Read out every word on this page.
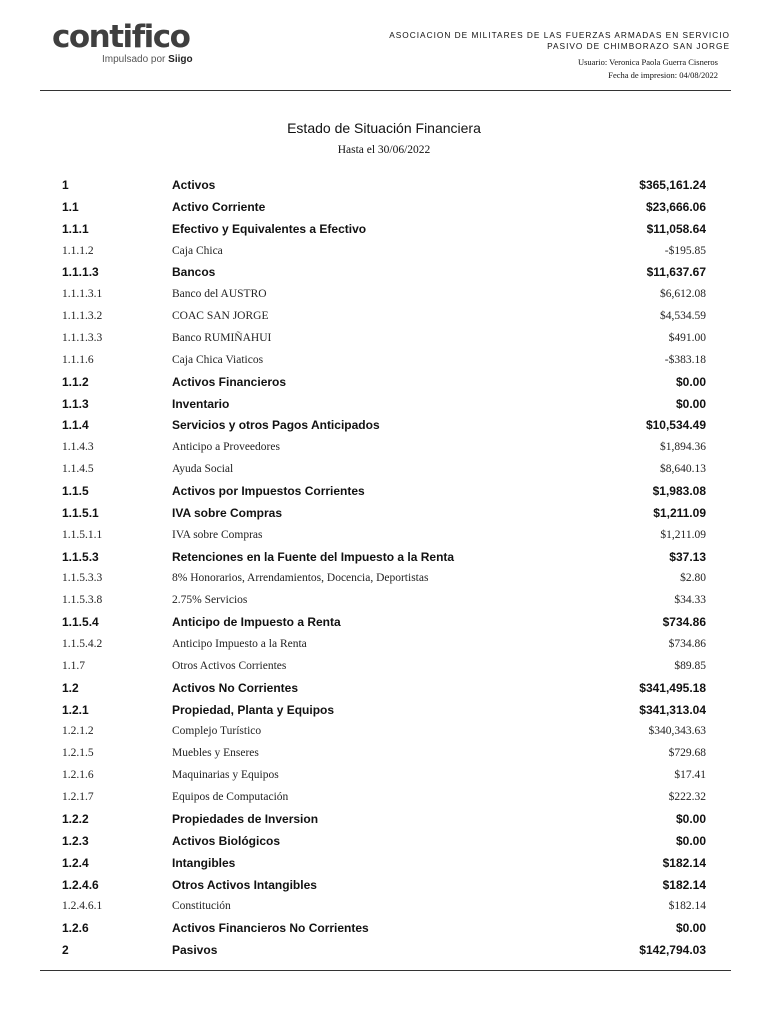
contifico
Impulsado por Siigo
ASOCIACION DE MILITARES DE LAS FUERZAS ARMADAS EN SERVICIO
PASIVO DE CHIMBORAZO SAN JORGE
Usuario: Veronica Paola Guerra Cisneros
Fecha de impresion: 04/08/2022
Estado de Situación Financiera
Hasta el 30/06/2022
1	Activos	$365,161.24
1.1	Activo Corriente	$23,666.06
1.1.1	Efectivo y Equivalentes a Efectivo	$11,058.64
1.1.1.2	Caja Chica	-$195.85
1.1.1.3	Bancos	$11,637.67
1.1.1.3.1	Banco del AUSTRO	$6,612.08
1.1.1.3.2	COAC SAN JORGE	$4,534.59
1.1.1.3.3	Banco RUMIÑAHUI	$491.00
1.1.1.6	Caja Chica Viaticos	-$383.18
1.1.2	Activos Financieros	$0.00
1.1.3	Inventario	$0.00
1.1.4	Servicios y otros Pagos Anticipados	$10,534.49
1.1.4.3	Anticipo a Proveedores	$1,894.36
1.1.4.5	Ayuda Social	$8,640.13
1.1.5	Activos por Impuestos Corrientes	$1,983.08
1.1.5.1	IVA sobre Compras	$1,211.09
1.1.5.1.1	IVA sobre Compras	$1,211.09
1.1.5.3	Retenciones en la Fuente del Impuesto a la Renta	$37.13
1.1.5.3.3	8% Honorarios, Arrendamientos, Docencia, Deportistas	$2.80
1.1.5.3.8	2.75% Servicios	$34.33
1.1.5.4	Anticipo de Impuesto a Renta	$734.86
1.1.5.4.2	Anticipo Impuesto a la Renta	$734.86
1.1.7	Otros Activos Corrientes	$89.85
1.2	Activos No Corrientes	$341,495.18
1.2.1	Propiedad, Planta y Equipos	$341,313.04
1.2.1.2	Complejo Turístico	$340,343.63
1.2.1.5	Muebles y Enseres	$729.68
1.2.1.6	Maquinarias y Equipos	$17.41
1.2.1.7	Equipos de Computación	$222.32
1.2.2	Propiedades de Inversion	$0.00
1.2.3	Activos Biológicos	$0.00
1.2.4	Intangibles	$182.14
1.2.4.6	Otros Activos Intangibles	$182.14
1.2.4.6.1	Constitución	$182.14
1.2.6	Activos Financieros No Corrientes	$0.00
2	Pasivos	$142,794.03
